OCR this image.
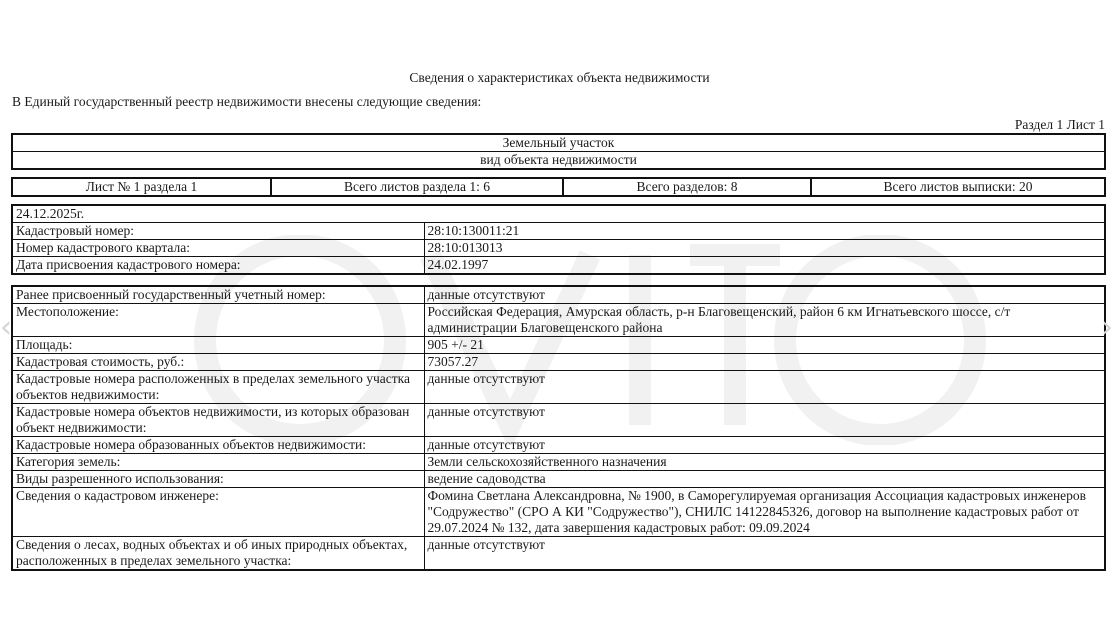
Сведения о характеристиках объекта недвижимости
В Единый государственный реестр недвижимости внесены следующие сведения:
Раздел 1 Лист 1
Земельный участок
вид объекта недвижимости
Лист № 1 раздела 1	Всего листов раздела 1: 6	Всего разделов: 8	Всего листов выписки: 20
24.12.2025г.	
Кадастровый номер:	28:10:130011:21
Номер кадастрового квартала:	28:10:013013
Дата присвоения кадастрового номера:	24.02.1997
Ранее присвоенный государственный учетный номер:	данные отсутствуют
Местоположение:	Российская Федерация, Амурская область, р-н Благовещенский, район 6 км Игнатьевского шоссе, с/т администрации Благовещенского района
Площадь:	905 +/- 21
Кадастровая стоимость, руб.:	73057.27
Кадастровые номера расположенных в пределах земельного участка объектов недвижимости:	данные отсутствуют
Кадастровые номера объектов недвижимости, из которых образован объект недвижимости:	данные отсутствуют
Кадастровые номера образованных объектов недвижимости:	данные отсутствуют
Категория земель:	Земли сельскохозяйственного назначения
Виды разрешенного использования:	ведение садоводства
Сведения о кадастровом инженере:	Фомина Светлана Александровна, № 1900, в Саморегулируемая организация Ассоциация кадастровых инженеров "Содружество" (СРО А КИ "Содружество"), СНИЛС 14122845326, договор на выполнение кадастровых работ от 29.07.2024 № 132, дата завершения кадастровых работ: 09.09.2024
Сведения о лесах, водных объектах и об иных природных объектах, расположенных в пределах земельного участка:	данные отсутствуют
‹	›
